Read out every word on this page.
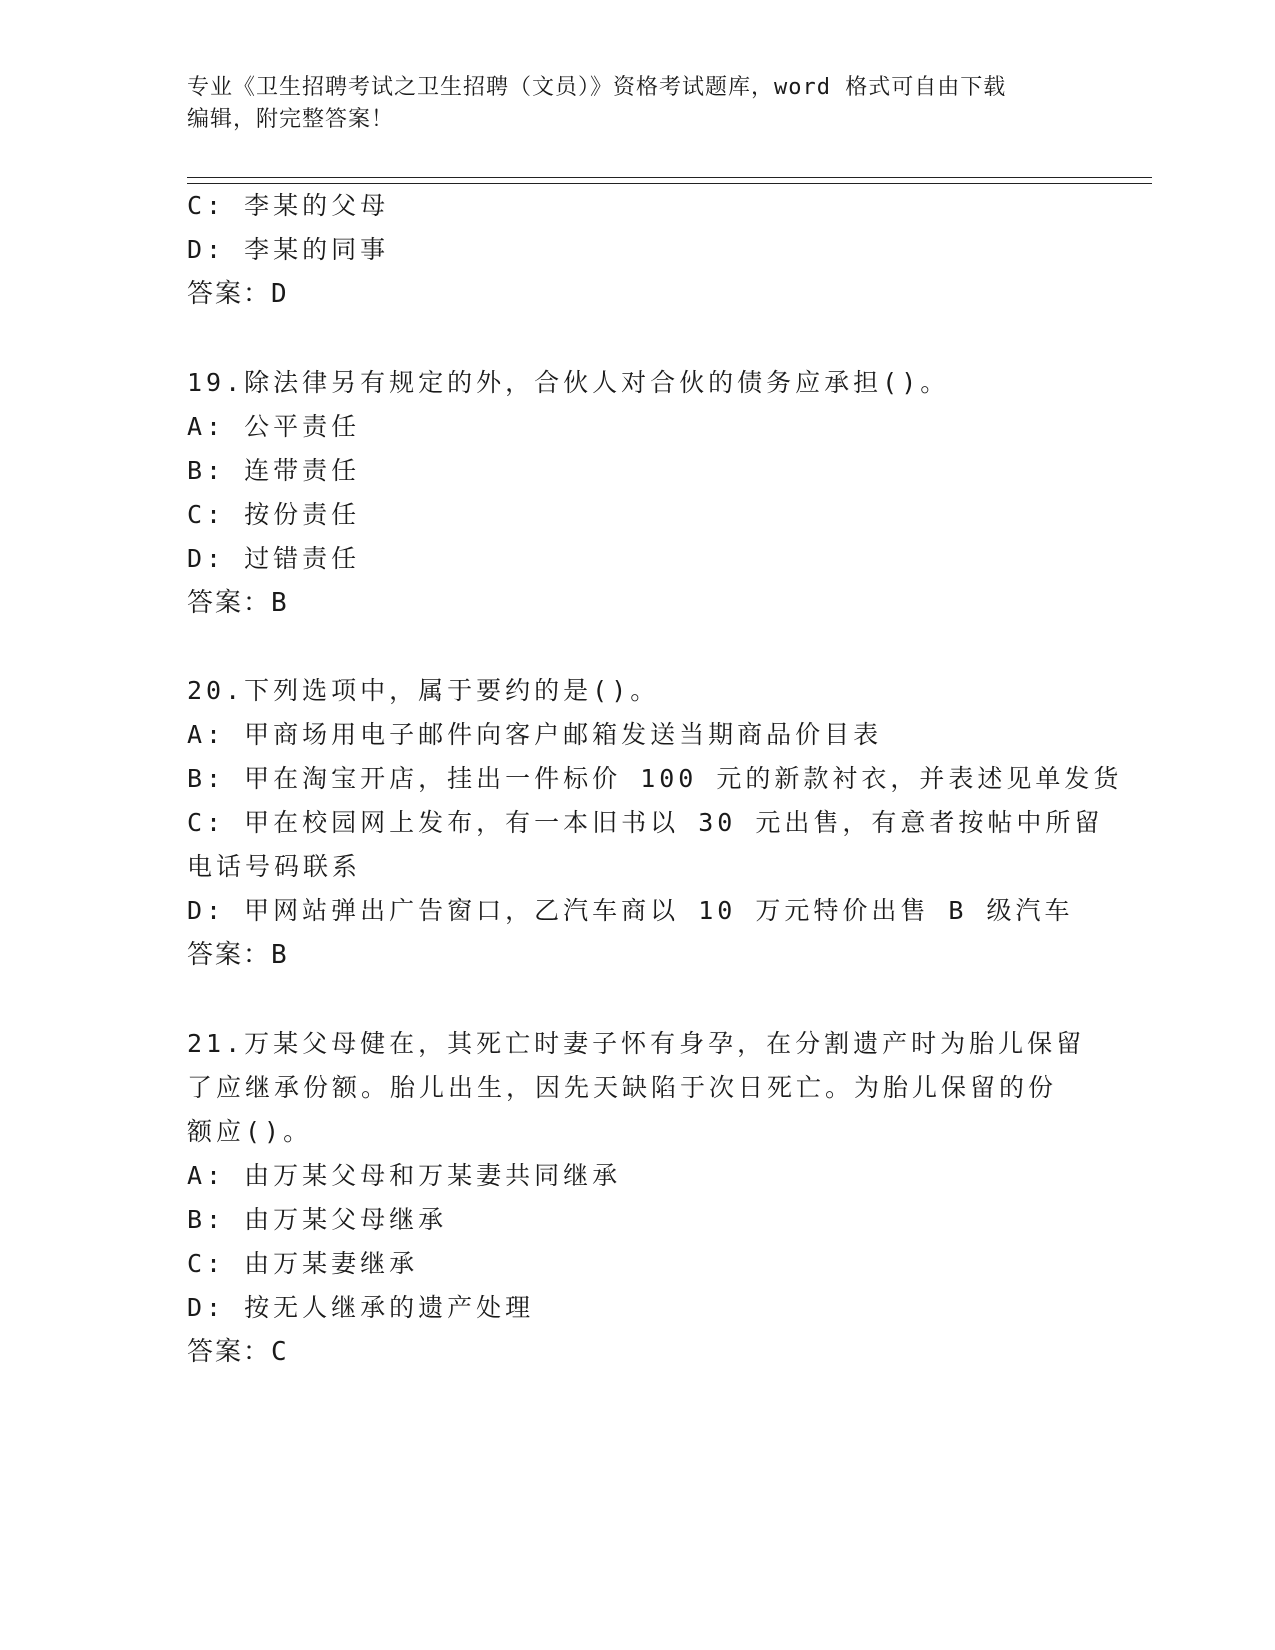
专业《卫生招聘考试之卫生招聘（文员）》资格考试题库，word 格式可自由下载
编辑，附完整答案！
C: 李某的父母
D: 李某的同事
答案：D
19.除法律另有规定的外，合伙人对合伙的债务应承担()。
A: 公平责任
B: 连带责任
C: 按份责任
D: 过错责任
答案：B
20.下列选项中，属于要约的是()。
A: 甲商场用电子邮件向客户邮箱发送当期商品价目表
B: 甲在淘宝开店，挂出一件标价 100 元的新款衬衣，并表述见单发货
C: 甲在校园网上发布，有一本旧书以 30 元出售，有意者按帖中所留
电话号码联系
D: 甲网站弹出广告窗口，乙汽车商以 10 万元特价出售 B 级汽车
答案：B
21.万某父母健在，其死亡时妻子怀有身孕，在分割遗产时为胎儿保留
了应继承份额。胎儿出生，因先天缺陷于次日死亡。为胎儿保留的份
额应()。
A: 由万某父母和万某妻共同继承
B: 由万某父母继承
C: 由万某妻继承
D: 按无人继承的遗产处理
答案：C
